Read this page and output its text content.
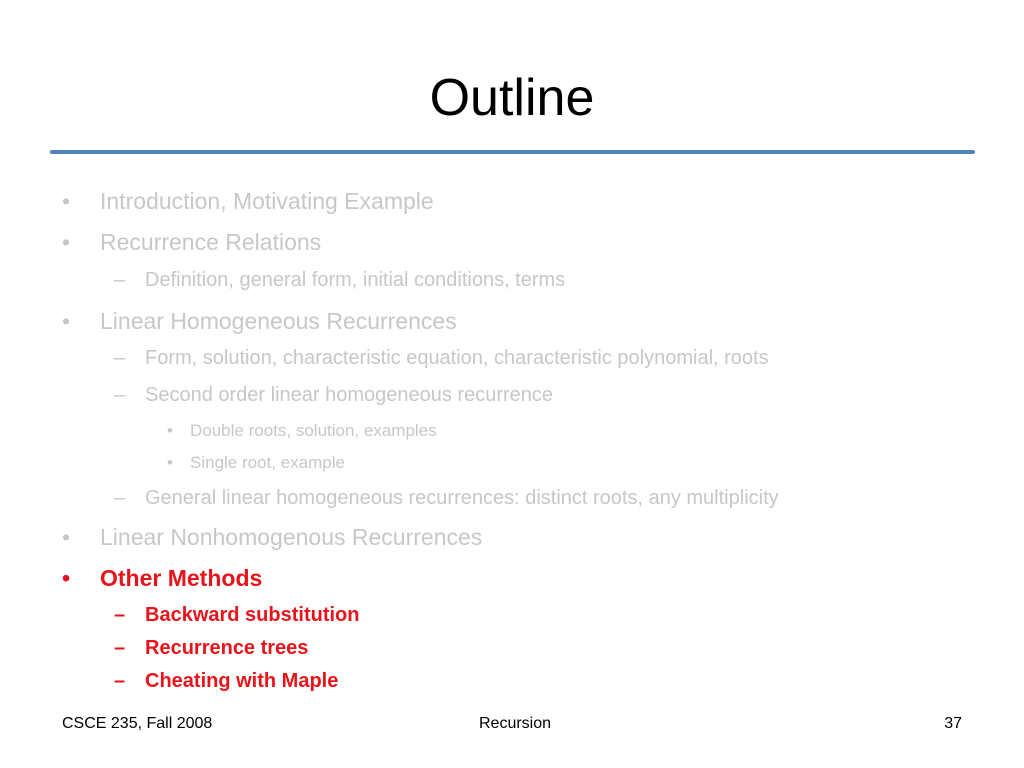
Outline
• Introduction, Motivating Example
• Recurrence Relations
– Definition, general form, initial conditions, terms
• Linear Homogeneous Recurrences
– Form, solution, characteristic equation, characteristic polynomial, roots
– Second order linear homogeneous recurrence
• Double roots, solution, examples
• Single root, example
– General linear homogeneous recurrences: distinct roots, any multiplicity
• Linear Nonhomogenous Recurrences
• Other Methods
– Backward substitution
– Recurrence trees
– Cheating with Maple
CSCE 235, Fall 2008	Recursion	37
